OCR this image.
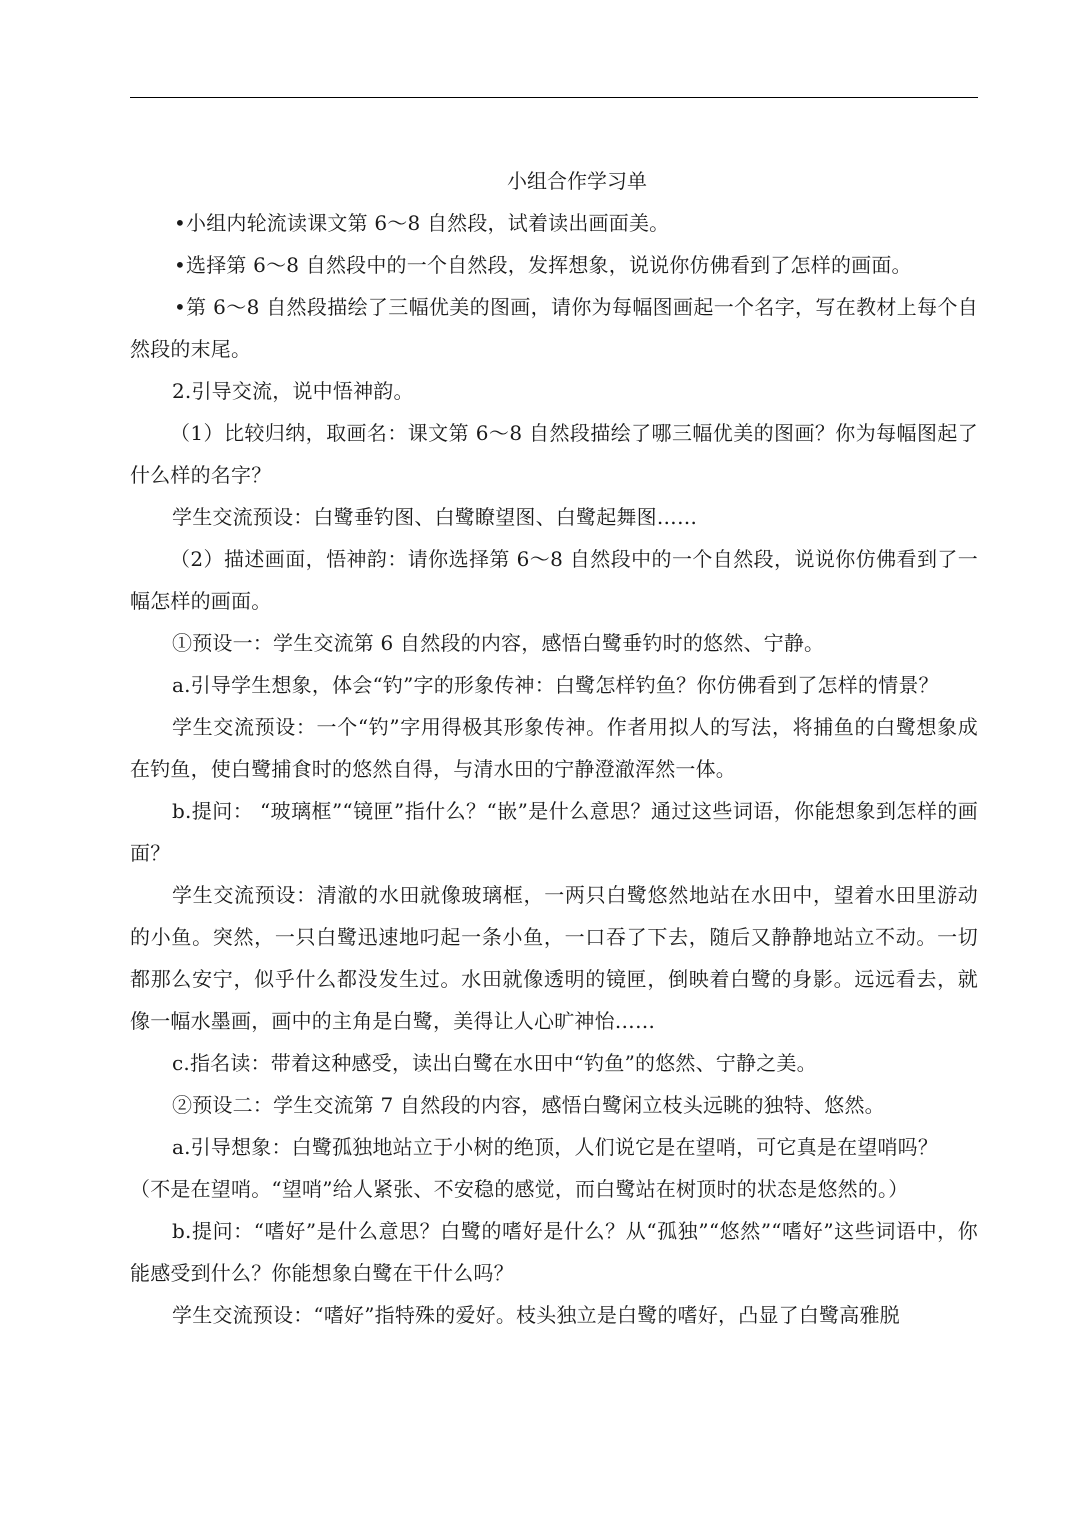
小组合作学习单

•小组内轮流读课文第 6～8 自然段，试着读出画面美。

•选择第 6～8 自然段中的一个自然段，发挥想象，说说你仿佛看到了怎样的画面。

•第 6～8 自然段描绘了三幅优美的图画，请你为每幅图画起一个名字，写在教材上每个自然段的末尾。

2.引导交流，说中悟神韵。

（1）比较归纳，取画名：课文第 6～8 自然段描绘了哪三幅优美的图画？你为每幅图起了什么样的名字？

学生交流预设：白鹭垂钓图、白鹭瞭望图、白鹭起舞图……

（2）描述画面，悟神韵：请你选择第 6～8 自然段中的一个自然段，说说你仿佛看到了一幅怎样的画面。

①预设一：学生交流第 6 自然段的内容，感悟白鹭垂钓时的悠然、宁静。

a.引导学生想象，体会“钓”字的形象传神：白鹭怎样钓鱼？你仿佛看到了怎样的情景？

学生交流预设：一个“钓”字用得极其形象传神。作者用拟人的写法，将捕鱼的白鹭想象成在钓鱼，使白鹭捕食时的悠然自得，与清水田的宁静澄澈浑然一体。

b.提问： “玻璃框”“镜匣”指什么？“嵌”是什么意思？通过这些词语，你能想象到怎样的画面？

学生交流预设：清澈的水田就像玻璃框，一两只白鹭悠然地站在水田中，望着水田里游动的小鱼。突然，一只白鹭迅速地叼起一条小鱼，一口吞了下去，随后又静静地站立不动。一切都那么安宁，似乎什么都没发生过。水田就像透明的镜匣，倒映着白鹭的身影。远远看去，就像一幅水墨画，画中的主角是白鹭，美得让人心旷神怡……

c.指名读：带着这种感受，读出白鹭在水田中“钓鱼”的悠然、宁静之美。

②预设二：学生交流第 7 自然段的内容，感悟白鹭闲立枝头远眺的独特、悠然。

a.引导想象：白鹭孤独地站立于小树的绝顶，人们说它是在望哨，可它真是在望哨吗？

（不是在望哨。“望哨”给人紧张、不安稳的感觉，而白鹭站在树顶时的状态是悠然的。）

b.提问：“嗜好”是什么意思？白鹭的嗜好是什么？从“孤独”“悠然”“嗜好”这些词语中，你能感受到什么？你能想象白鹭在干什么吗？

学生交流预设：“嗜好”指特殊的爱好。枝头独立是白鹭的嗜好，凸显了白鹭高雅脱
